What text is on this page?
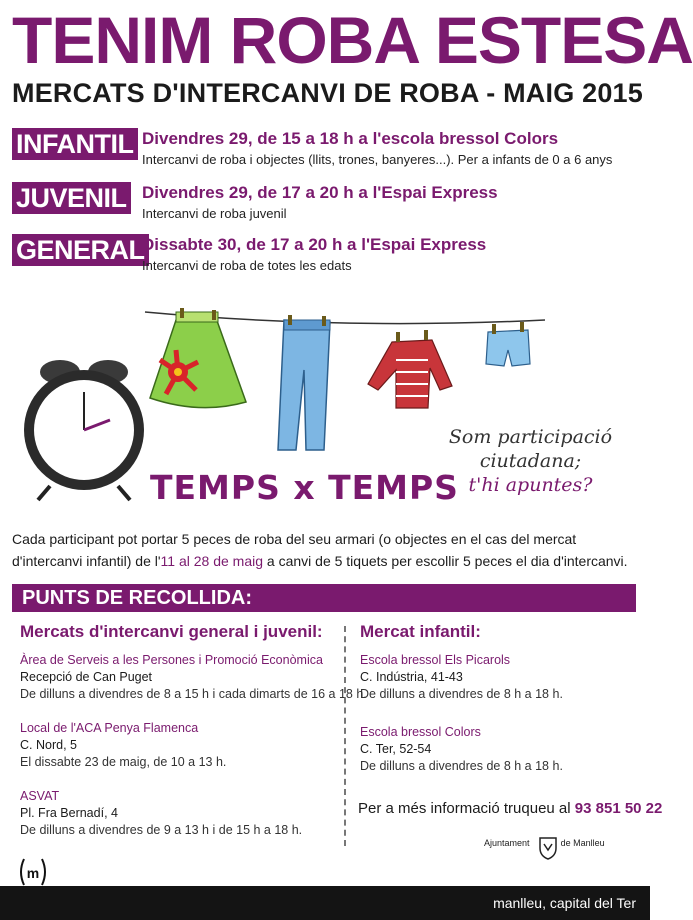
TENIM ROBA ESTESA
MERCATS D'INTERCANVI DE ROBA - MAIG 2015
INFANTIL Divendres 29, de 15 a 18 h a l'escola bressol Colors
Intercanvi de roba i objectes (llits, trones, banyeres...). Per a infants de 0 a 6 anys
JUVENIL Divendres 29, de 17 a 20 h a l'Espai Express
Intercanvi de roba juvenil
GENERAL
Dissabte 30, de 17 a 20 h a l'Espai Express
Intercanvi de roba de totes les edats
Som participació
ciutadana;
t'hi apuntes?
TEMPS x TEMPS
Cada participant pot portar 5 peces de roba del seu armari (o objectes en el cas del mercat d'intercanvi infantil) de l'11 al 28 de maig a canvi de 5 tiquets per escollir 5 peces el dia d'intercanvi.
PUNTS DE RECOLLIDA:
Mercats d'intercanvi general i juvenil:
Àrea de Serveis a les Persones i Promoció Econòmica
Recepció de Can Puget
De dilluns a divendres de 8 a 15 h i cada dimarts de 16 a 18 h.
Local de l'ACA Penya Flamenca
C. Nord, 5
El dissabte 23 de maig, de 10 a 13 h.
ASVAT
Pl. Fra Bernadí, 4
De dilluns a divendres de 9 a 13 h i de 15 h a 18 h.
Mercat infantil:
Escola bressol Els Picarols
C. Indústria, 41-43
De dilluns a divendres de 8 h a 18 h.
Escola bressol Colors
C. Ter, 52-54
De dilluns a divendres de 8 h a 18 h.
Per a més informació truqueu al 93 851 50 22
Ajuntament	de Manlleu
m
manlleu, capital del Ter
